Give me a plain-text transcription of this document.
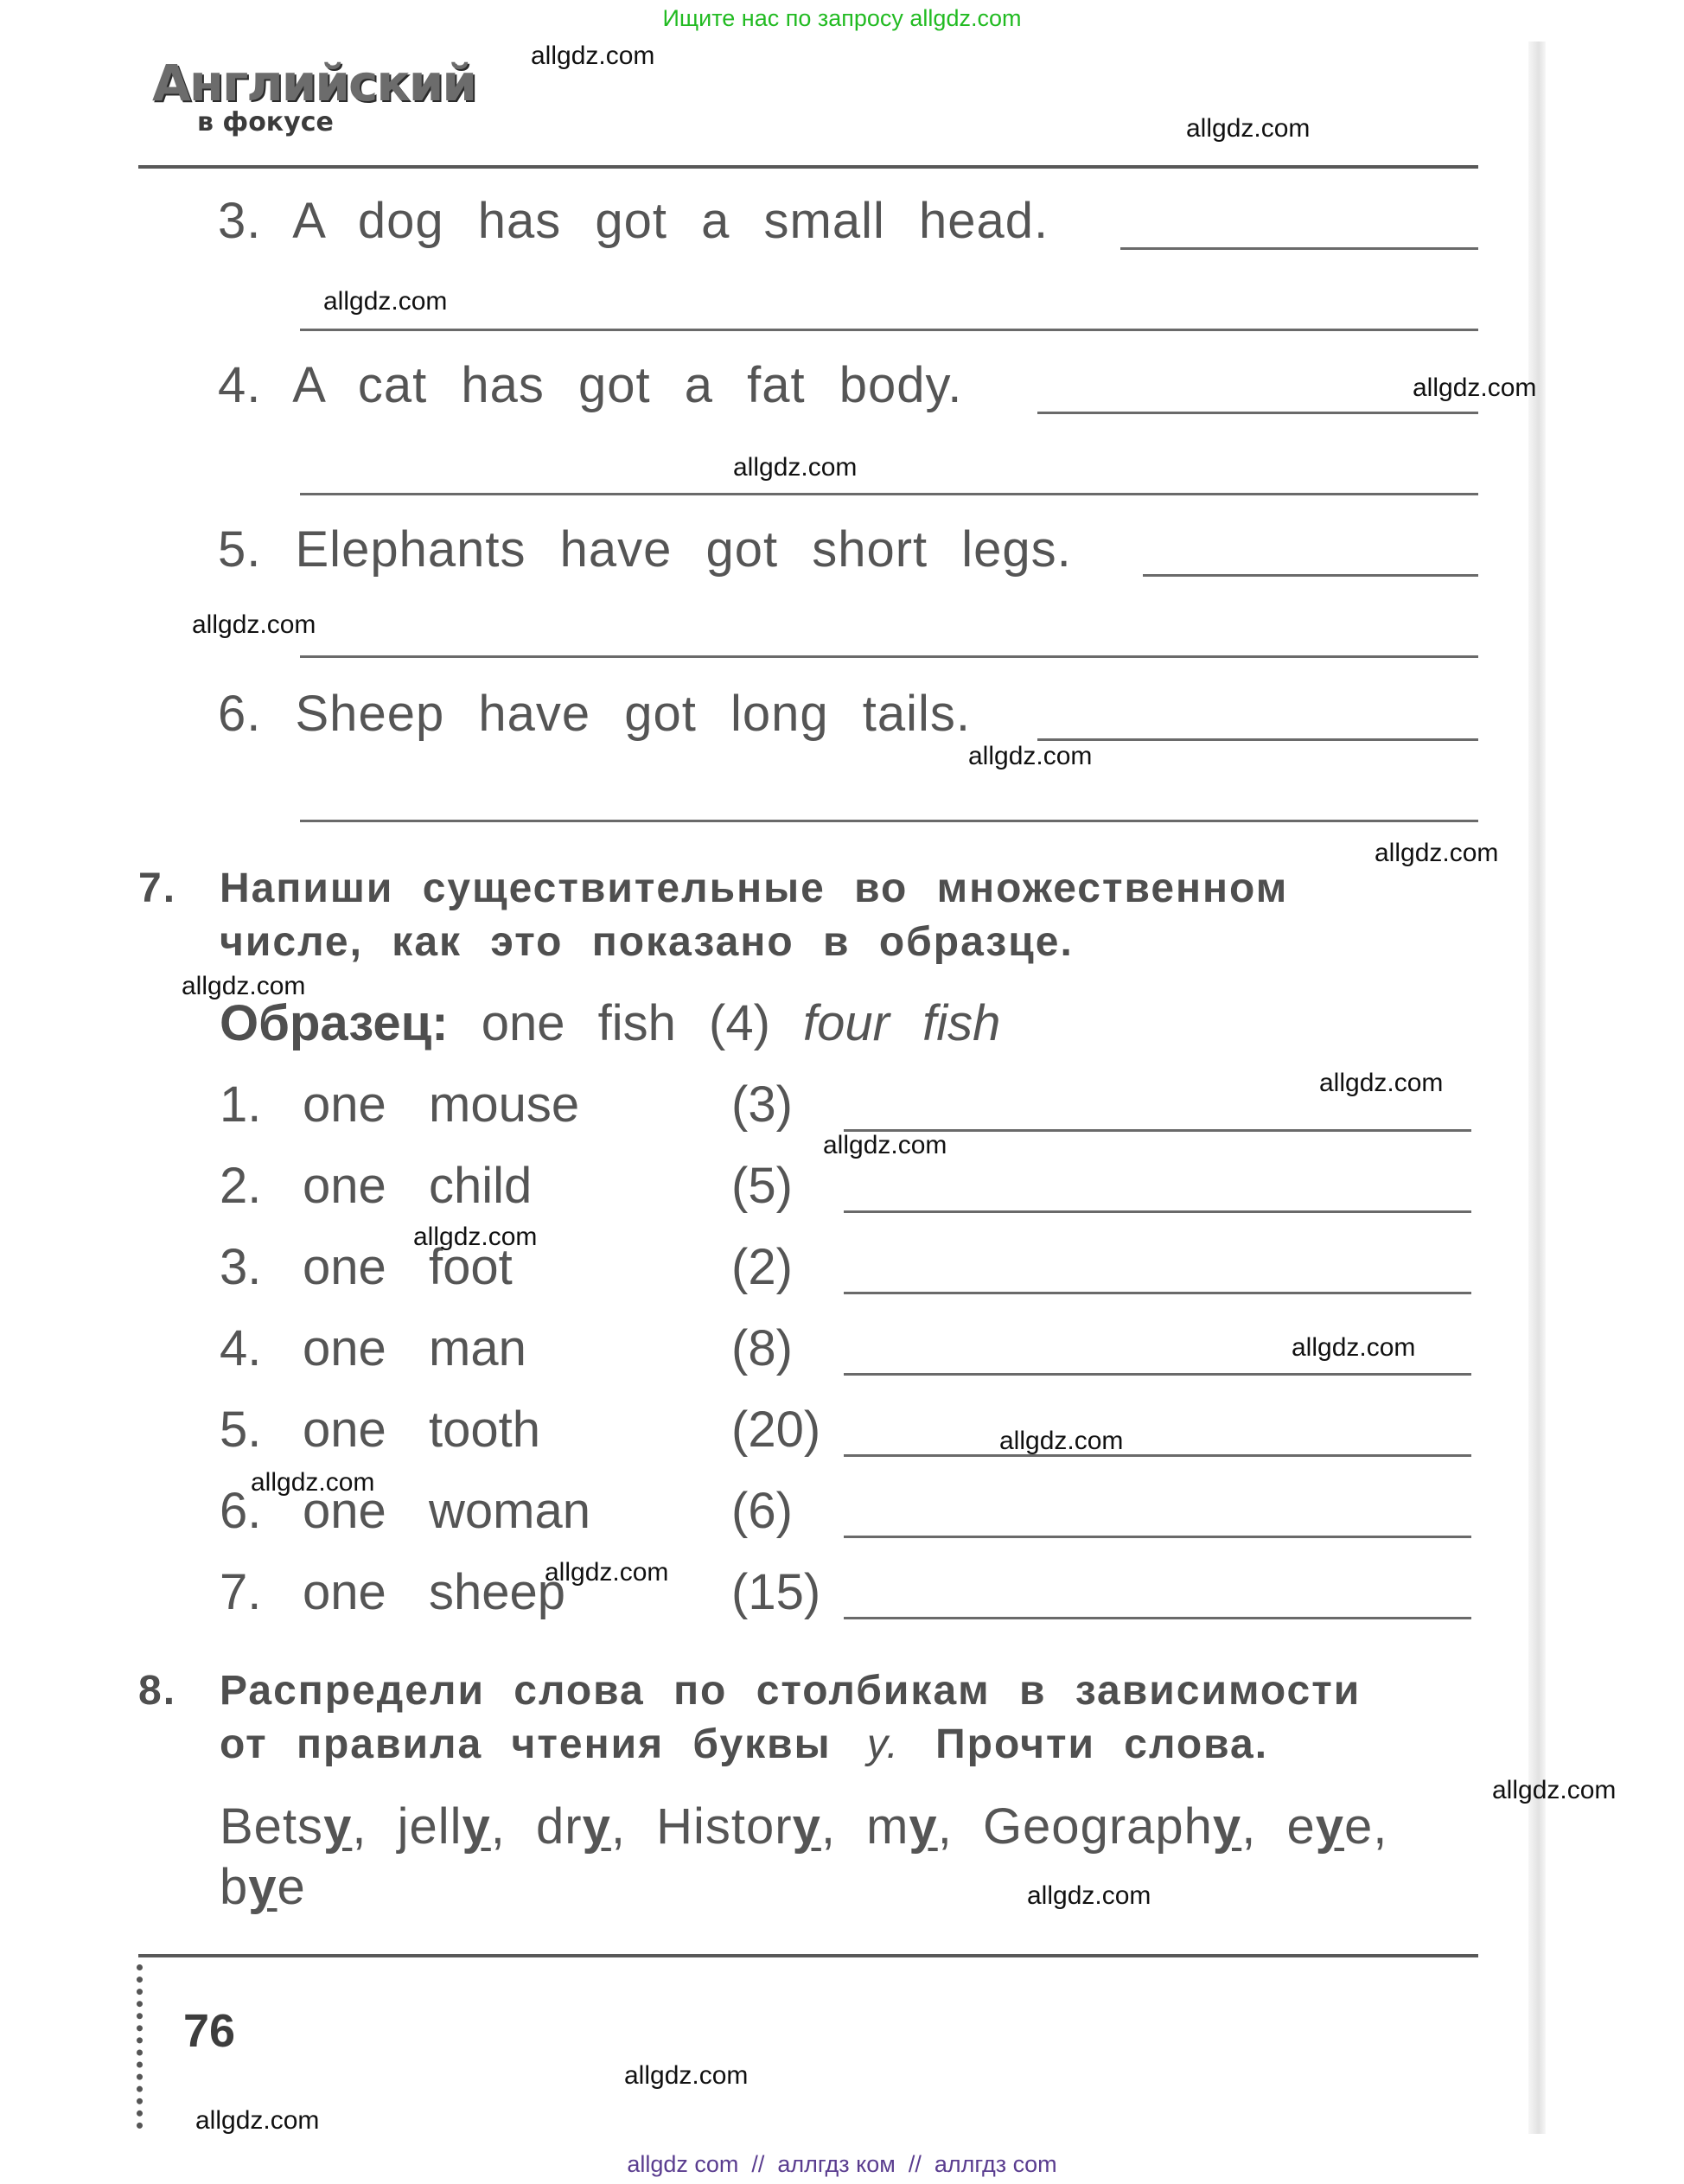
Ищите нас по запросу allgdz.com
Английский
в фокусе
3. A dog has got a small head.
4. A cat has got a fat body.
5. Elephants have got short legs.
6. Sheep have got long tails.
7. Напиши существительные во множественном
числе, как это показано в образце.
Образец: one fish (4) four fish
1. one mouse	(3)
2. one child	(5)
3. one foot	(2)
4. one man	(8)
5. one tooth	(20)
6. one woman	(6)
7. one sheep	(15)
8. Распредели слова по столбикам в зависимости
от правила чтения буквы y. Прочти слова.
Betsy, jelly, dry, History, my, Geography, eye, bye
76
allgdz com  //  аллгдз ком  //  аллгдз com
allgdz.com
allgdz.com
allgdz.com
allgdz.com
allgdz.com
allgdz.com
allgdz.com
allgdz.com
allgdz.com
allgdz.com
allgdz.com
allgdz.com
allgdz.com
allgdz.com
allgdz.com
allgdz.com
allgdz.com
allgdz.com
allgdz.com
allgdz.com
